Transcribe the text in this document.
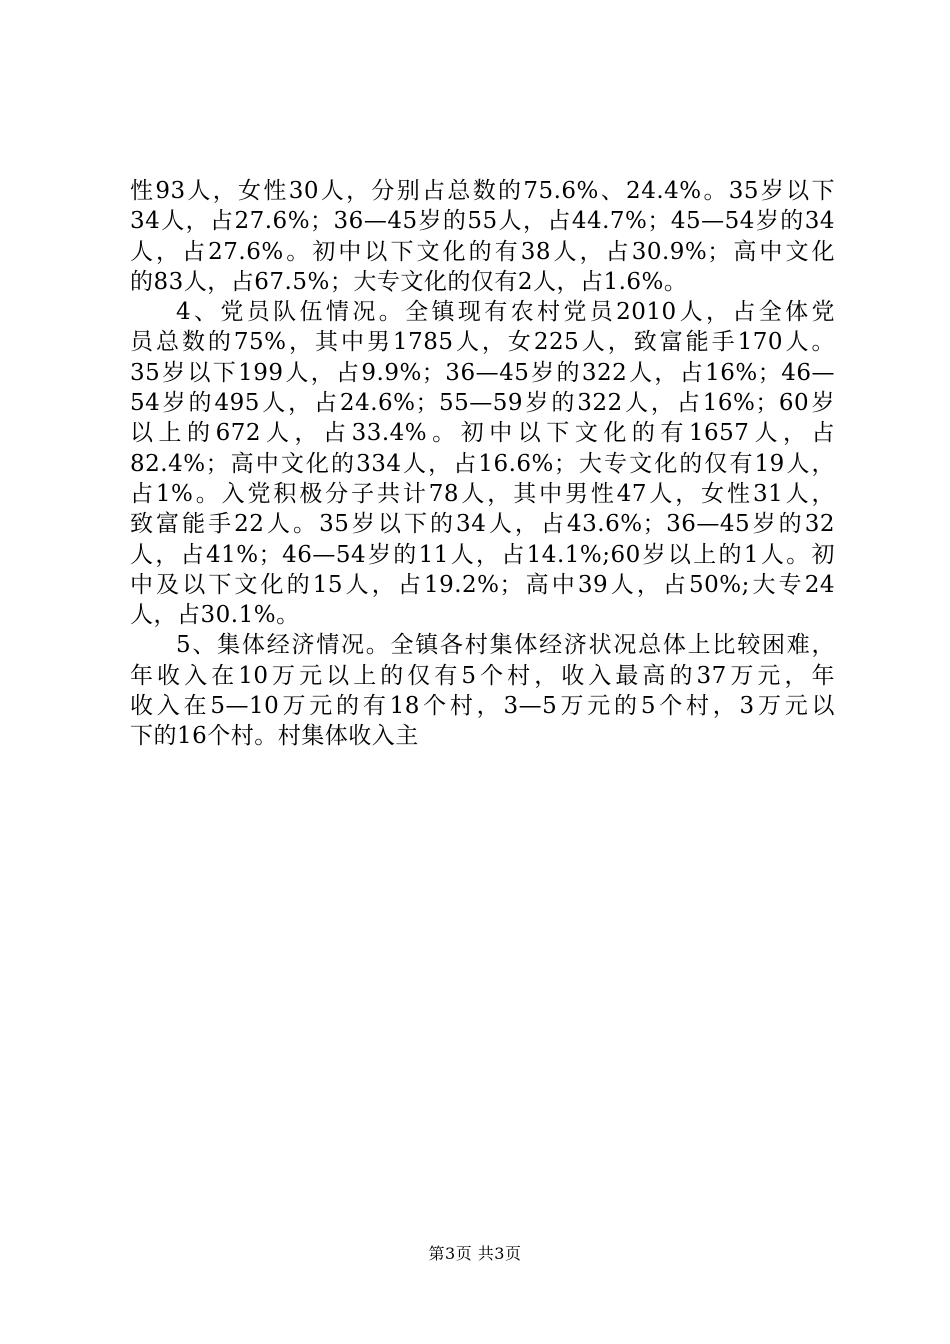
性93人，女性30人，分别占总数的75.6%、24.4%。35岁以下
34人，占27.6%；36—45岁的55人，占44.7%；45—54岁的34
人，占27.6%。初中以下文化的有38人，占30.9%；高中文化
的83人，占67.5%；大专文化的仅有2人，占1.6%。
4、党员队伍情况。全镇现有农村党员2010人，占全体党
员总数的75%，其中男1785人，女225人，致富能手170人。
35岁以下199人，占9.9%；36—45岁的322人，占16%；46—
54岁的495人，占24.6%；55—59岁的322人，占16%；60岁
以上的672人，占33.4%。初中以下文化的有1657人，占
82.4%；高中文化的334人，占16.6%；大专文化的仅有19人，
占1%。入党积极分子共计78人，其中男性47人，女性31人，
致富能手22人。35岁以下的34人，占43.6%；36—45岁的32
人，占41%；46—54岁的11人，占14.1%;60岁以上的1人。初
中及以下文化的15人，占19.2%；高中39人，占50%;大专24
人，占30.1%。
5、集体经济情况。全镇各村集体经济状况总体上比较困难，
年收入在10万元以上的仅有5个村，收入最高的37万元，年
收入在5—10万元的有18个村，3—5万元的5个村，3万元以
下的16个村。村集体收入主
第3页 共3页
